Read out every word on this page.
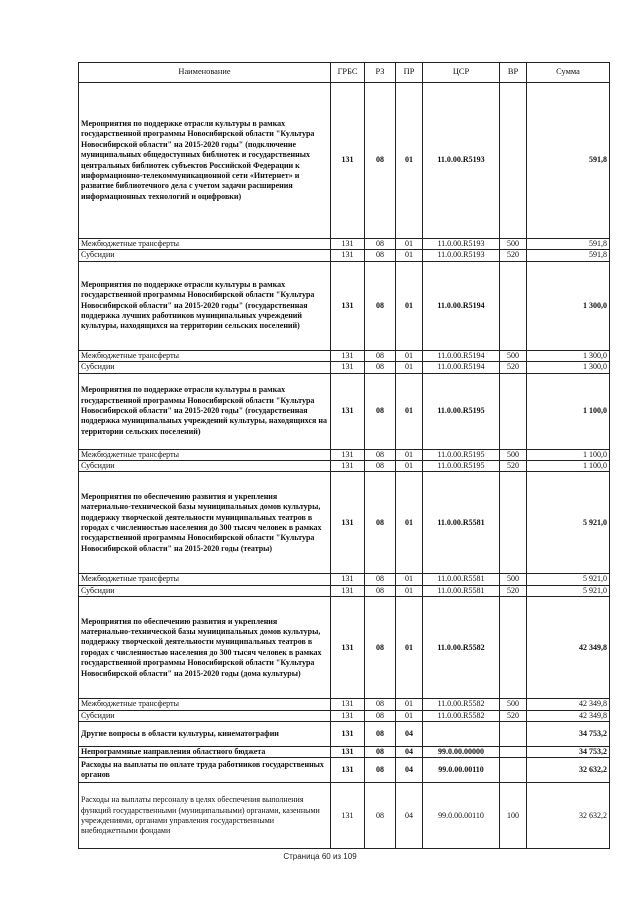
Наименование	ГРБС	РЗ	ПР	ЦСР	ВР	Сумма
Мероприятия по поддержке отрасли культуры в рамках государственной программы Новосибирской области "Культура Новосибирской области" на 2015-2020 годы" (подключение муниципальных общедоступных библиотек и государственных центральных библиотек субъектов Российской Федерации к информационно-телекоммуникационной сети «Интернет» и развитие библиотечного дела с учетом задачи расширения информационных технологий и оцифровки)	131	08	01	11.0.00.R5193		591,8
Межбюджетные трансферты	131	08	01	11.0.00.R5193	500	591,8
Субсидии	131	08	01	11.0.00.R5193	520	591,8
Мероприятия по поддержке отрасли культуры в рамках государственной программы Новосибирской области "Культура Новосибирской области" на 2015-2020 годы" (государственная поддержка лучших работников муниципальных учреждений культуры, находящихся на территории сельских поселений)	131	08	01	11.0.00.R5194		1 300,0
Межбюджетные трансферты	131	08	01	11.0.00.R5194	500	1 300,0
Субсидии	131	08	01	11.0.00.R5194	520	1 300,0
Мероприятия по поддержке отрасли культуры в рамках государственной программы Новосибирской области "Культура Новосибирской области" на 2015-2020 годы" (государственная поддержка муниципальных учреждений культуры, находящихся на территории сельских поселений)	131	08	01	11.0.00.R5195		1 100,0
Межбюджетные трансферты	131	08	01	11.0.00.R5195	500	1 100,0
Субсидии	131	08	01	11.0.00.R5195	520	1 100,0
Мероприятия по обеспечению развития и укрепления материально-технической базы муниципальных домов культуры, поддержку творческой деятельности муниципальных театров в городах с численностью населения до 300 тысяч человек в рамках государственной программы Новосибирской области "Культура Новосибирской области" на 2015-2020 годы (театры)	131	08	01	11.0.00.R5581		5 921,0
Межбюджетные трансферты	131	08	01	11.0.00.R5581	500	5 921,0
Субсидии	131	08	01	11.0.00.R5581	520	5 921,0
Мероприятия по обеспечению развития и укрепления материально-технической базы муниципальных домов культуры, поддержку творческой деятельности муниципальных театров в городах с численностью населения до 300 тысяч человек в рамках государственной программы Новосибирской области "Культура Новосибирской области" на 2015-2020 годы (дома культуры)	131	08	01	11.0.00.R5582		42 349,8
Межбюджетные трансферты	131	08	01	11.0.00.R5582	500	42 349,8
Субсидии	131	08	01	11.0.00.R5582	520	42 349,8
Другие вопросы в области культуры, кинематографии	131	08	04			34 753,2
Непрограммные направления областного бюджета	131	08	04	99.0.00.00000		34 753,2
Расходы на выплаты по оплате труда работников государственных органов	131	08	04	99.0.00.00110		32 632,2
Расходы на выплаты персоналу в целях обеспечения выполнения функций государственными (муниципальными) органами, казенными учреждениями, органами управления государственными внебюджетными фондами	131	08	04	99.0.00.00110	100	32 632,2
Страница 60 из 109
